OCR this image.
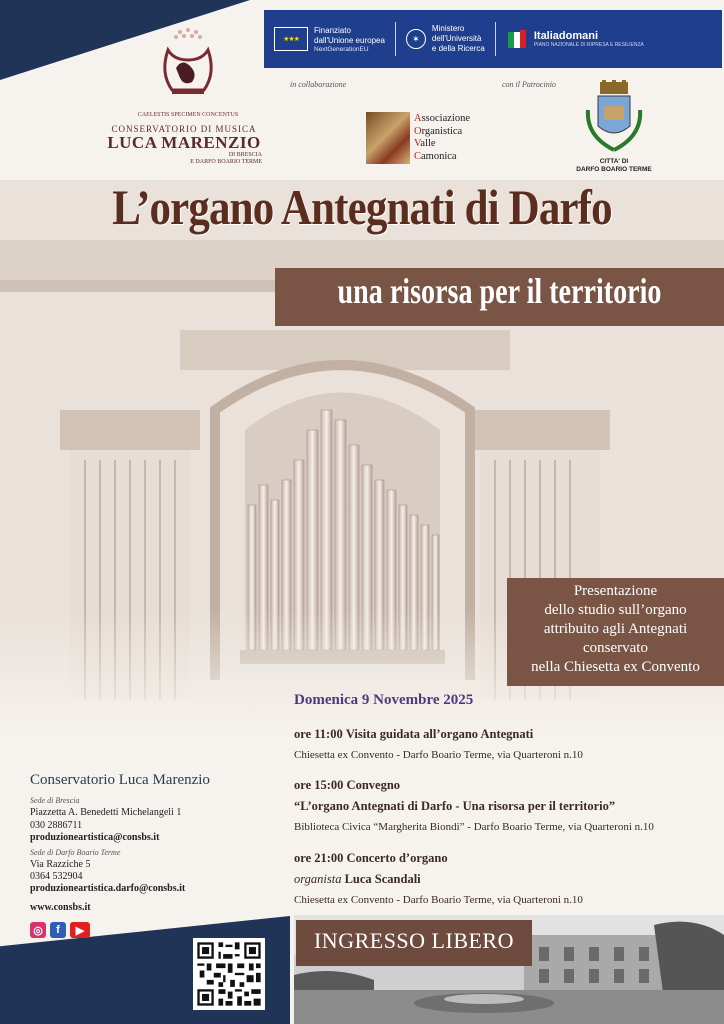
★★★
Finanziato
dall'Unione europea
NextGenerationEU
✶
Ministero
dell'Università
e della Ricerca
Italiadomani
PIANO NAZIONALE DI RIPRESA E RESILIENZA
CAELESTIS SPECIMEN CONCENTUS
CONSERVATORIO DI MUSICA
LUCA MARENZIO
DI BRESCIA
E DARFO BOARIO TERME
in collaborazione	con il Patrocinio
Associazione
Organistica
Valle
Camonica	CITTA' DI
DARFO BOARIO TERME
L’organo Antegnati di Darfo
una risorsa per il territorio
Presentazione
dello studio sull’organo
attribuito agli Antegnati
conservato
nella Chiesetta ex Convento
Domenica 9 Novembre 2025
ore 11:00 Visita guidata all’organo Antegnati
Chiesetta ex Convento - Darfo Boario Terme, via Quarteroni n.10
ore 15:00 Convegno
“L’organo Antegnati di Darfo - Una risorsa per il territorio”
Biblioteca Civica “Margherita Biondi” - Darfo Boario Terme, via Quarteroni n.10
ore 21:00 Concerto d’organo
organista Luca Scandali
Chiesetta ex Convento - Darfo Boario Terme, via Quarteroni n.10
Conservatorio Luca Marenzio
Sede di Brescia
Piazzetta A. Benedetti Michelangeli 1
030 2886711
produzioneartistica@consbs.it
Sede di Darfo Boario Terme
Via Razziche 5
0364 532904
produzioneartistica.darfo@consbs.it
www.consbs.it
◎	f	▶	INGRESSO LIBERO
